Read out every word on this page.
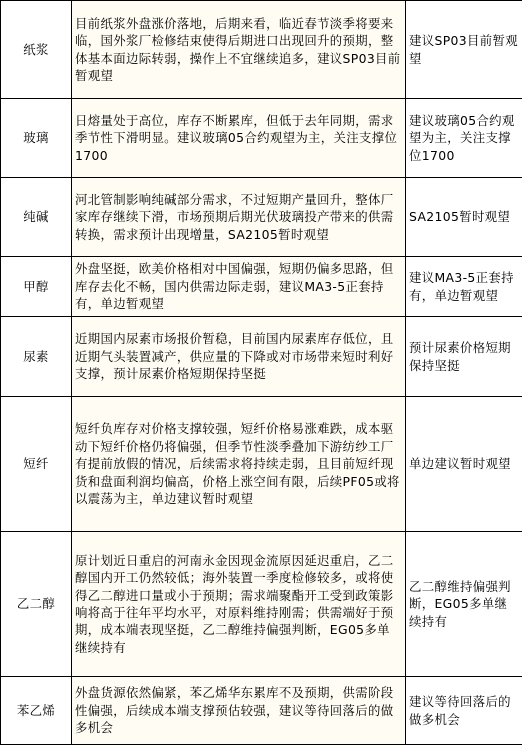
纸浆	目前纸浆外盘涨价落地，后期来看，临近春节淡季将要来临，国外浆厂检修结束使得后期进口出现回升的预期，整体基本面边际转弱，操作上不宜继续追多，建议SP03目前暂观望	建议SP03目前暂观望
玻璃	日熔量处于高位，库存不断累库，但低于去年同期，需求季节性下滑明显。建议玻璃05合约观望为主，关注支撑位1700	建议玻璃05合约观望为主，关注支撑位1700
纯碱	河北管制影响纯碱部分需求，不过短期产量回升，整体厂家库存继续下滑，市场预期后期光伏玻璃投产带来的供需转换，需求预计出现增量，SA2105暂时观望	SA2105暂时观望
甲醇	外盘坚挺，欧美价格相对中国偏强，短期仍偏多思路，但库存去化不畅，国内供需边际走弱，建议MA3-5正套持有，单边暂观望	建议MA3-5正套持有，单边暂观望
尿素	近期国内尿素市场报价暂稳，目前国内尿素库存低位，且近期气头装置减产，供应量的下降或对市场带来短时利好支撑，预计尿素价格短期保持坚挺	预计尿素价格短期保持坚挺
短纤	短纤负库存对价格支撑较强，短纤价格易涨难跌，成本驱动下短纤价格仍将偏强，但季节性淡季叠加下游纺纱工厂有提前放假的情况，后续需求将持续走弱，且目前短纤现货和盘面利润均偏高，价格上涨空间有限，后续PF05或将以震荡为主，单边建议暂时观望	单边建议暂时观望
乙二醇	原计划近日重启的河南永金因现金流原因延迟重启，乙二醇国内开工仍然较低；海外装置一季度检修较多，或将使得乙二醇进口量或小于预期；需求端聚酯开工受到政策影响将高于往年平均水平，对原料维持刚需；供需端好于预期，成本端表现坚挺，乙二醇维持偏强判断，EG05多单继续持有	乙二醇维持偏强判断，EG05多单继续持有
苯乙烯	外盘货源依然偏紧，苯乙烯华东累库不及预期，供需阶段性偏强，后续成本端支撑预估较强，建议等待回落后的做多机会	建议等待回落后的做多机会
